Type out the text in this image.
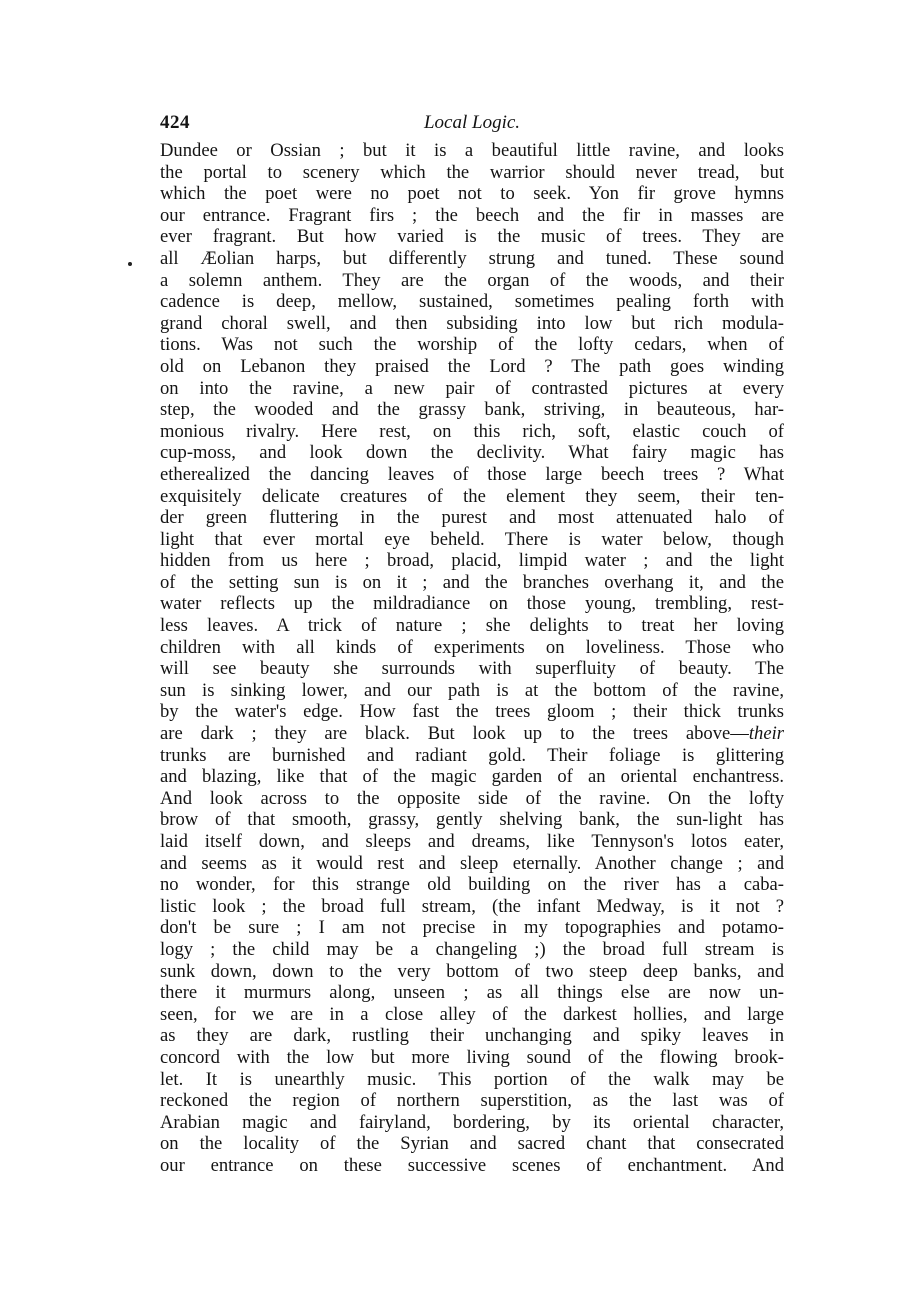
424	Local Logic.
Dundee or Ossian ; but it is a beautiful little ravine, and looks
the portal to scenery which the warrior should never tread, but
which the poet were no poet not to seek. Yon fir grove hymns
our entrance. Fragrant firs ; the beech and the fir in masses are
ever fragrant. But how varied is the music of trees. They are
all Æolian harps, but differently strung and tuned. These sound
a solemn anthem. They are the organ of the woods, and their
cadence is deep, mellow, sustained, sometimes pealing forth with
grand choral swell, and then subsiding into low but rich modula-
tions. Was not such the worship of the lofty cedars, when of
old on Lebanon they praised the Lord ? The path goes winding
on into the ravine, a new pair of contrasted pictures at every
step, the wooded and the grassy bank, striving, in beauteous, har-
monious rivalry. Here rest, on this rich, soft, elastic couch of
cup-moss, and look down the declivity. What fairy magic has
etherealized the dancing leaves of those large beech trees ? What
exquisitely delicate creatures of the element they seem, their ten-
der green fluttering in the purest and most attenuated halo of
light that ever mortal eye beheld. There is water below, though
hidden from us here ; broad, placid, limpid water ; and the light
of the setting sun is on it ; and the branches overhang it, and the
water reflects up the mildradiance on those young, trembling, rest-
less leaves. A trick of nature ; she delights to treat her loving
children with all kinds of experiments on loveliness. Those who
will see beauty she surrounds with superfluity of beauty. The
sun is sinking lower, and our path is at the bottom of the ravine,
by the water's edge. How fast the trees gloom ; their thick trunks
are dark ; they are black. But look up to the trees above—their
trunks are burnished and radiant gold. Their foliage is glittering
and blazing, like that of the magic garden of an oriental enchantress.
And look across to the opposite side of the ravine. On the lofty
brow of that smooth, grassy, gently shelving bank, the sun-light has
laid itself down, and sleeps and dreams, like Tennyson's lotos eater,
and seems as it would rest and sleep eternally. Another change ; and
no wonder, for this strange old building on the river has a caba-
listic look ; the broad full stream, (the infant Medway, is it not ?
don't be sure ; I am not precise in my topographies and potamo-
logy ; the child may be a changeling ;) the broad full stream is
sunk down, down to the very bottom of two steep deep banks, and
there it murmurs along, unseen ; as all things else are now un-
seen, for we are in a close alley of the darkest hollies, and large
as they are dark, rustling their unchanging and spiky leaves in
concord with the low but more living sound of the flowing brook-
let. It is unearthly music. This portion of the walk may be
reckoned the region of northern superstition, as the last was of
Arabian magic and fairyland, bordering, by its oriental character,
on the locality of the Syrian and sacred chant that consecrated
our entrance on these successive scenes of enchantment. And
